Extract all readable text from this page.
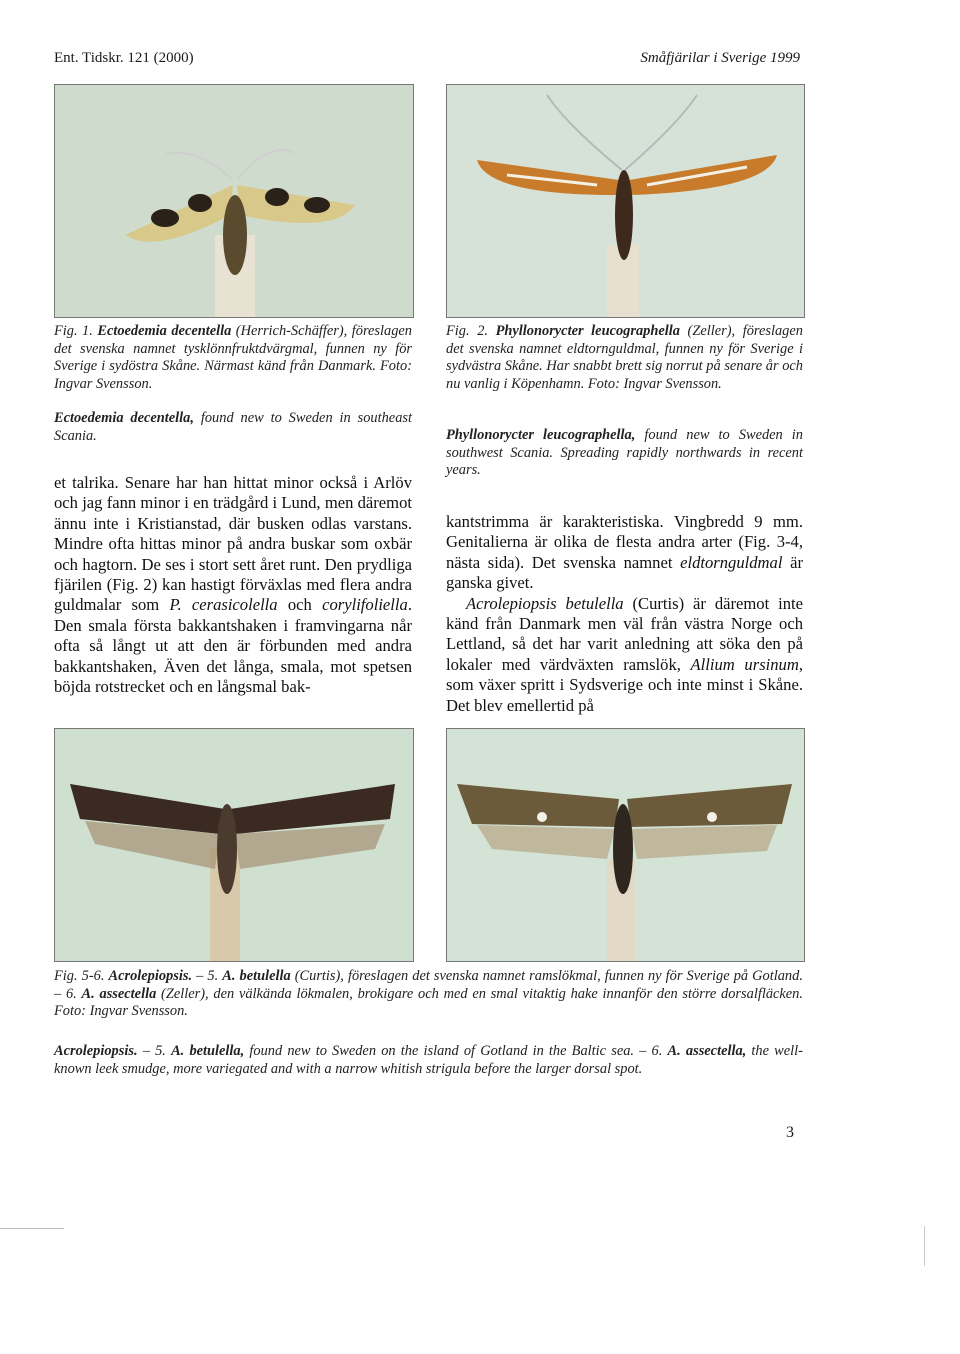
Ent. Tidskr. 121 (2000)	Småfjärilar i Sverige 1999
Fig. 1. Ectoedemia decentella (Herrich-Schäffer), föreslagen det svenska namnet tysklönnfruktdvärgmal, funnen ny för Sverige i sydöstra Skåne. Närmast känd från Danmark. Foto: Ingvar Svensson.
Ectoedemia decentella, found new to Sweden in southeast Scania.
Fig. 2. Phyllonorycter leucographella (Zeller), föreslagen det svenska namnet eldtornguldmal, funnen ny för Sverige i sydvästra Skåne. Har snabbt brett sig norrut på senare år och nu vanlig i Köpenhamn. Foto: Ingvar Svensson.
Phyllonorycter leucographella, found new to Sweden in southwest Scania. Spreading rapidly northwards in recent years.

et talrika. Senare har han hittat minor också i Arlöv och jag fann minor i en trädgård i Lund, men däremot ännu inte i Kristianstad, där busken odlas varstans. Mindre ofta hittas minor på andra buskar som oxbär och hagtorn. De ses i stort sett året runt. Den prydliga fjärilen (Fig. 2) kan hastigt förväxlas med flera andra guldmalar som P. cerasicolella och corylifoliella. Den smala första bakkantshaken i framvingarna når ofta så långt ut att den är förbunden med andra bakkantshaken, Även det långa, smala, mot spetsen böjda rotstrecket och en långsmal bak-

kantstrimma är karakteristiska. Vingbredd 9 mm. Genitalierna är olika de flesta andra arter (Fig. 3-4, nästa sida). Det svenska namnet eldtornguldmal är ganska givet.

Acrolepiopsis betulella (Curtis) är däremot inte känd från Danmark men väl från västra Norge och Lettland, så det har varit anledning att söka den på lokaler med värdväxten ramslök, Allium ursinum, som växer spritt i Sydsverige och inte minst i Skåne. Det blev emellertid på

Fig. 5-6. Acrolepiopsis. – 5. A. betulella (Curtis), föreslagen det svenska namnet ramslökmal, funnen ny för Sverige på Gotland. – 6. A. assectella (Zeller), den välkända lökmalen, brokigare och med en smal vitaktig hake innanför den större dorsalfläcken. Foto: Ingvar Svensson.
Acrolepiopsis. – 5. A. betulella, found new to Sweden on the island of Gotland in the Baltic sea. – 6. A. assectella, the well-known leek smudge, more variegated and with a narrow whitish strigula before the larger dorsal spot.
3
